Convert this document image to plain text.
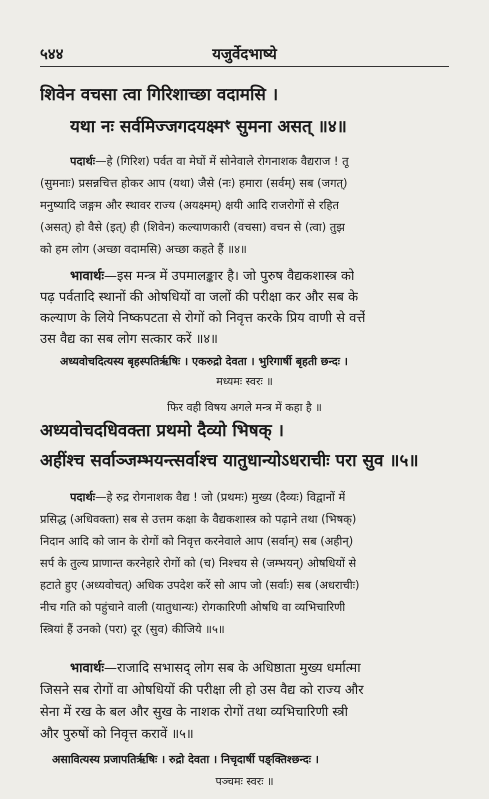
५४४	यजुर्वेदभाष्ये
शिवेन वचसा त्वा गिरिशाच्छा वदामसि ।
यथा नः सर्वमिज्जगदयक्ष्मꣳ सुमना असत् ॥४॥
पदार्थः—हे (गिरिश) पर्वत वा मेघों में सोनेवाले रोगनाशक वैद्यराज ! तू
(सुमनाः) प्रसन्नचित्त होकर आप (यथा) जैसे (नः) हमारा (सर्वम्) सब (जगत्)
मनुष्यादि जङ्गम और स्थावर राज्य (अयक्ष्मम्) क्षयी आदि राजरोगों से रहित
(असत्) हो वैसे (इत्) ही (शिवेन) कल्याणकारी (वचसा) वचन से (त्वा) तुझ
को हम लोग (अच्छा वदामसि) अच्छा कहते हैं ॥४॥
भावार्थः—इस मन्त्र में उपमालङ्कार है। जो पुरुष वैद्यकशास्त्र को
पढ़ पर्वतादि स्थानों की ओषधियों वा जलों की परीक्षा कर और सब के
कल्याण के लिये निष्कपटता से रोगों को निवृत्त करके प्रिय वाणी से वर्त्ते
उस वैद्य का सब लोग सत्कार करें ॥४॥
अध्यवोचदित्यस्य बृहस्पतिर्ऋषिः । एकरुद्रो देवता । भुरिगार्षी बृहती छन्दः ।
मध्यमः स्वरः ॥
फिर वही विषय अगले मन्त्र में कहा है ॥
अध्यवोचदधिवक्ता प्रथमो दैव्यो भिषक् ।
अहींश्च सर्वाञ्जम्भयन्त्सर्वाश्च यातुधान्योऽधराचीः परा सुव ॥५॥
पदार्थः—हे रुद्र रोगनाशक वैद्य ! जो (प्रथमः) मुख्य (दैव्यः) विद्वानों में
प्रसिद्ध (अधिवक्ता) सब से उत्तम कक्षा के वैद्यकशास्त्र को पढ़ाने तथा (भिषक्)
निदान आदि को जान के रोगों को निवृत्त करनेवाले आप (सर्वान्) सब (अहीन्)
सर्प के तुल्य प्राणान्त करनेहारे रोगों को (च) निश्चय से (जम्भयन्) ओषधियों से
हटाते हुए (अध्यवोचत्) अधिक उपदेश करें सो आप जो (सर्वाः) सब (अधराचीः)
नीच गति को पहुंचाने वाली (यातुधान्यः) रोगकारिणी ओषधि वा व्यभिचारिणी
स्त्रियां हैं उनको (परा) दूर (सुव) कीजिये ॥५॥
भावार्थः—राजादि सभासद् लोग सब के अधिष्ठाता मुख्य धर्मात्मा
जिसने सब रोगों वा ओषधियों की परीक्षा ली हो उस वैद्य को राज्य और
सेना में रख के बल और सुख के नाशक रोगों तथा व्यभिचारिणी स्त्री
और पुरुषों को निवृत्त करावें ॥५॥
असावित्यस्य प्रजापतिर्ऋषिः । रुद्रो देवता । निचृदार्षी पङ्क्तिश्छन्दः ।
पञ्चमः स्वरः ॥
